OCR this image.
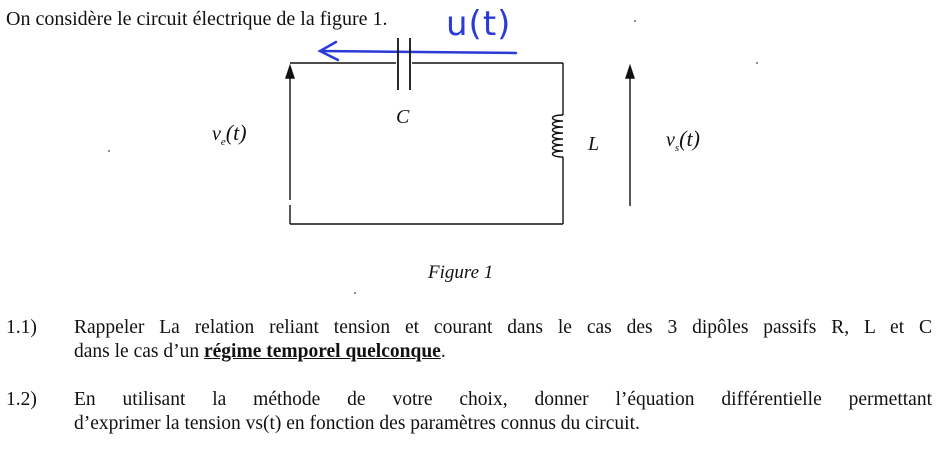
On considère le circuit électrique de la figure 1. u(t)
C
L
$v_e(t)$	$v_s(t)$
Figure 1
1.1) Rappeler La relation reliant tension et courant dans le cas des 3 dipôles passifs R, L et C
dans le cas d’un régime temporel quelconque.
1.2) En utilisant la méthode de votre choix, donner l’équation différentielle permettant
d’exprimer la tension vs(t) en fonction des paramètres connus du circuit.
